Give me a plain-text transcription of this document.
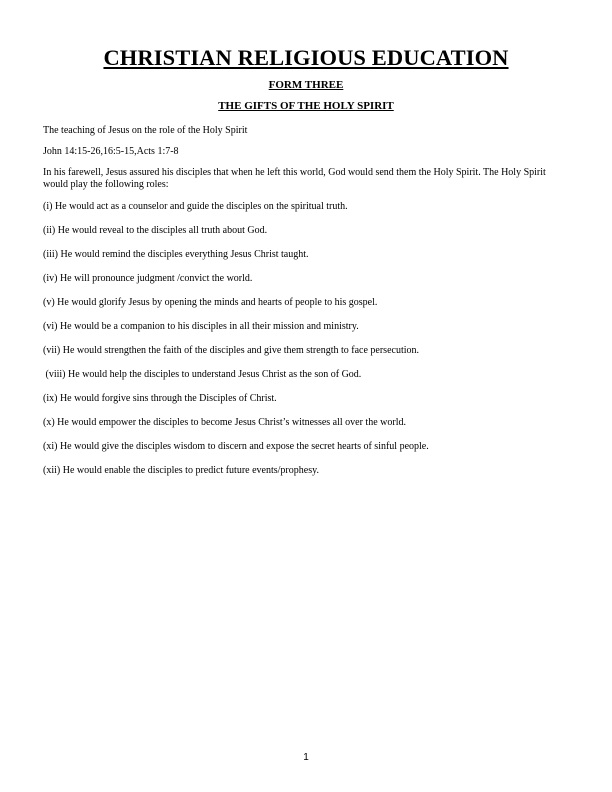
CHRISTIAN RELIGIOUS EDUCATION

FORM THREE

THE GIFTS OF THE HOLY SPIRIT

The teaching of Jesus on the role of the Holy Spirit

John 14:15-26,16:5-15,Acts 1:7-8

In his farewell, Jesus assured his disciples that when he left this world, God would send them the Holy Spirit. The Holy Spirit would play the following roles:

(i) He would act as a counselor and guide the disciples on the spiritual truth.
(ii) He would reveal to the disciples all truth about God.
(iii) He would remind the disciples everything Jesus Christ taught.
(iv) He will pronounce judgment /convict the world.
(v) He would glorify Jesus by opening the minds and hearts of people to his gospel.
(vi) He would be a companion to his disciples in all their mission and ministry.
(vii) He would strengthen the faith of the disciples and give them strength to face persecution.
(viii) He would help the disciples to understand Jesus Christ as the son of God.
(ix) He would forgive sins through the Disciples of Christ.
(x) He would empower the disciples to become Jesus Christ’s witnesses all over the world.
(xi) He would give the disciples wisdom to discern and expose the secret hearts of sinful people.
(xii) He would enable the disciples to predict future events/prophesy.

1
